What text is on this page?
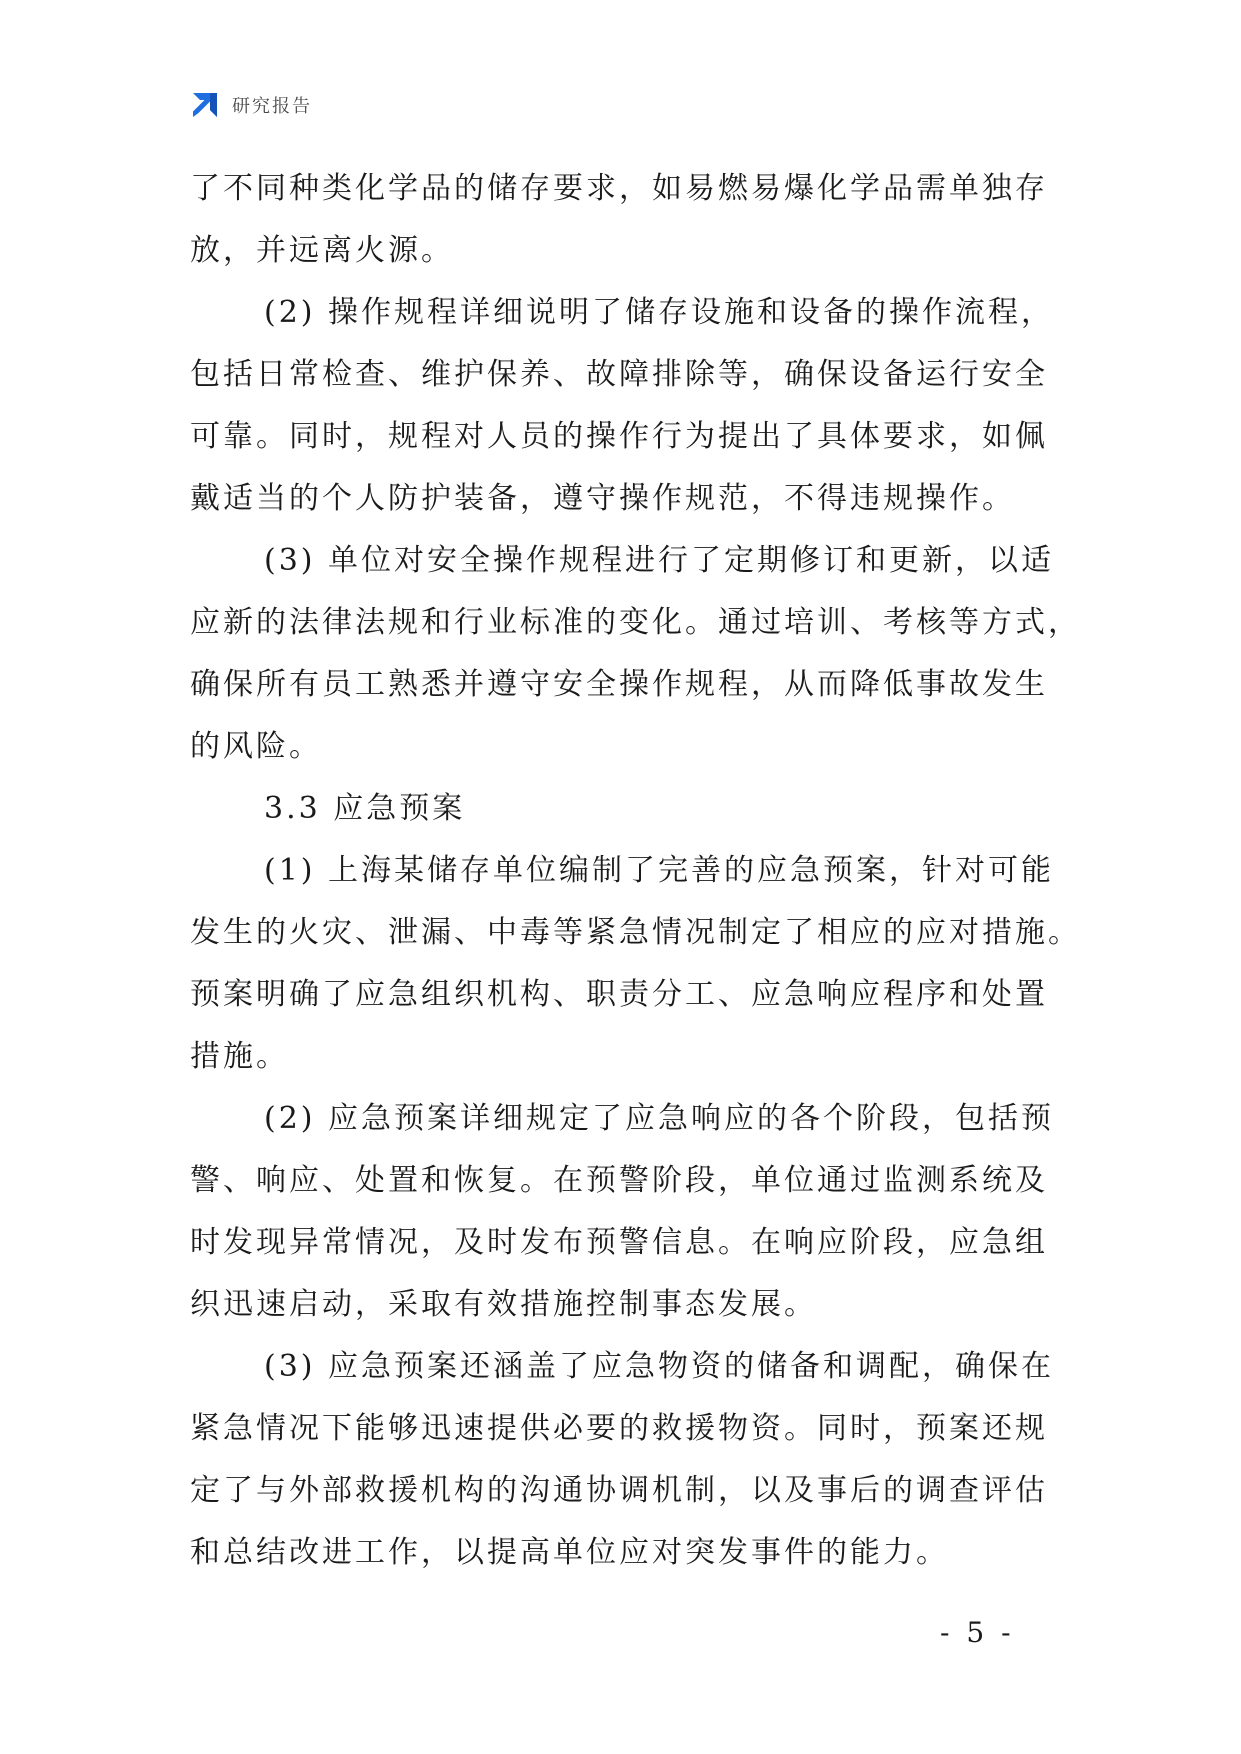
研究报告
了不同种类化学品的储存要求，如易燃易爆化学品需单独存
放，并远离火源。
(2) 操作规程详细说明了储存设施和设备的操作流程，
包括日常检查、维护保养、故障排除等，确保设备运行安全
可靠。同时，规程对人员的操作行为提出了具体要求，如佩
戴适当的个人防护装备，遵守操作规范，不得违规操作。
(3) 单位对安全操作规程进行了定期修订和更新，以适
应新的法律法规和行业标准的变化。通过培训、考核等方式，
确保所有员工熟悉并遵守安全操作规程，从而降低事故发生
的风险。
3.3 应急预案
(1) 上海某储存单位编制了完善的应急预案，针对可能
发生的火灾、泄漏、中毒等紧急情况制定了相应的应对措施。
预案明确了应急组织机构、职责分工、应急响应程序和处置
措施。
(2) 应急预案详细规定了应急响应的各个阶段，包括预
警、响应、处置和恢复。在预警阶段，单位通过监测系统及
时发现异常情况，及时发布预警信息。在响应阶段，应急组
织迅速启动，采取有效措施控制事态发展。
(3) 应急预案还涵盖了应急物资的储备和调配，确保在
紧急情况下能够迅速提供必要的救援物资。同时，预案还规
定了与外部救援机构的沟通协调机制，以及事后的调查评估
和总结改进工作，以提高单位应对突发事件的能力。
- 5 -
